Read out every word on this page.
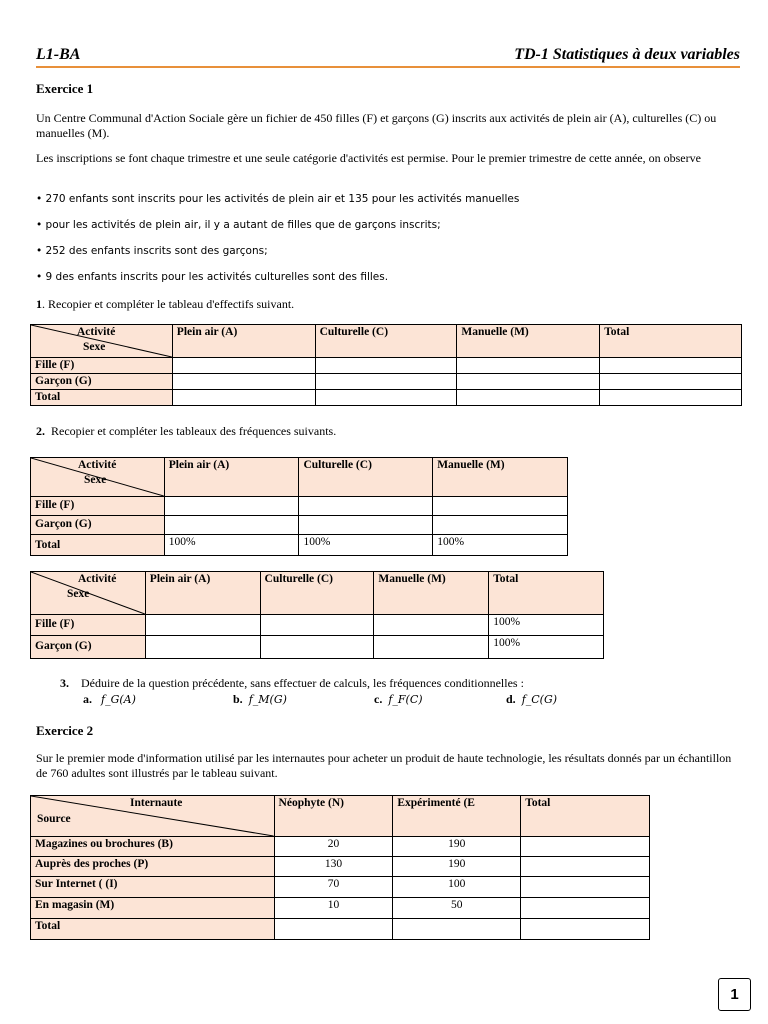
L1-BA	TD-1 Statistiques à deux variables
Exercice 1
Un Centre Communal d'Action Sociale gère un fichier de 450 filles (F) et garçons (G) inscrits aux activités de plein air (A), culturelles (C) ou manuelles (M).
Les inscriptions se font chaque trimestre et une seule catégorie d'activités est permise. Pour le premier trimestre de cette année, on observe
• 270 enfants sont inscrits pour les activités de plein air et 135 pour les activités manuelles
• pour les activités de plein air, il y a autant de filles que de garçons inscrits;
• 252 des enfants inscrits sont des garçons;
• 9 des enfants inscrits pour les activités culturelles sont des filles.
1. Recopier et compléter le tableau d'effectifs suivant.
Activité
Sexe	Plein air (A)	Culturelle (C)	Manuelle (M)	Total
Fille (F)				
Garçon (G)				
Total				
2. Recopier et compléter les tableaux des fréquences suivants.
Activité
Sexe	Plein air (A)	Culturelle (C)	Manuelle (M)
Fille (F)			
Garçon (G)			
Total	100%	100%	100%
Activité
Sexe	Plein air (A)	Culturelle (C)	Manuelle (M)	Total
Fille (F)				100%
Garçon (G)				100%
3. Déduire de la question précédente, sans effectuer de calculs, les fréquences conditionnelles :
a. f_G(A)	b. f_M(G)	c. f_F(C)	d. f_C(G)
Exercice 2
Sur le premier mode d'information utilisé par les internautes pour acheter un produit de haute technologie, les résultats donnés par un échantillon de 760 adultes sont illustrés par le tableau suivant.
Internaute
Source	Néophyte (N)	Expérimenté (E	Total
Magazines ou brochures (B)	20	190	
Auprès des proches (P)	130	190	
Sur Internet ( (I)	70	100	
En magasin (M)	10	50	
Total			
1
